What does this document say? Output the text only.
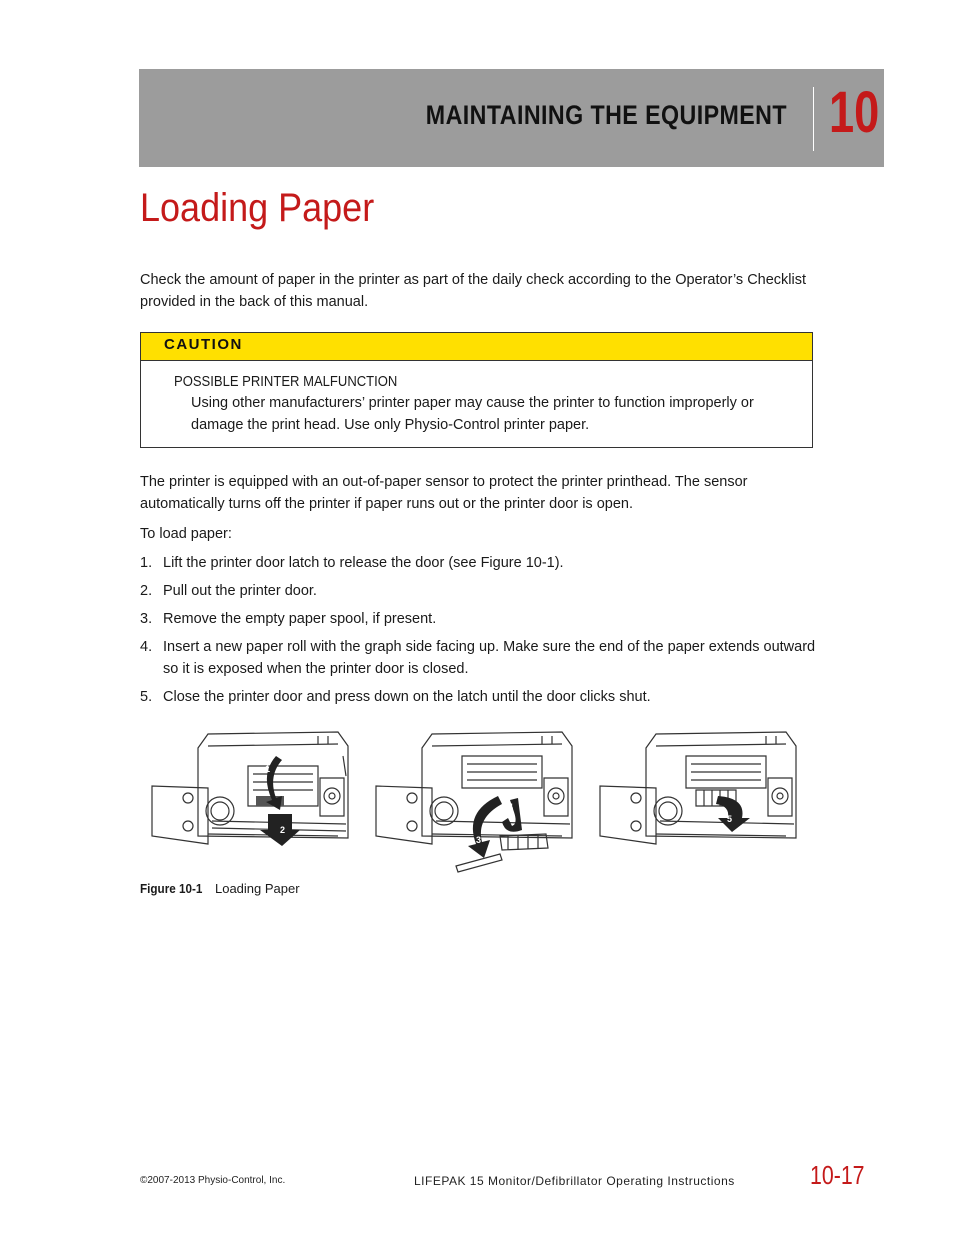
MAINTAINING THE EQUIPMENT 10
Loading Paper

Check the amount of paper in the printer as part of the daily check according to the Operator’s Checklist provided in the back of this manual.

CAUTION
POSSIBLE PRINTER MALFUNCTION

Using other manufacturers’ printer paper may cause the printer to function improperly or damage the print head. Use only Physio-Control printer paper.

The printer is equipped with an out-of-paper sensor to protect the printer printhead. The sensor automatically turns off the printer if paper runs out or the printer door is open.

To load paper:

1. Lift the printer door latch to release the door (see Figure 10-1).
2. Pull out the printer door.
3. Remove the empty paper spool, if present.
4. Insert a new paper roll with the graph side facing up. Make sure the end of the paper extends outward so it is exposed when the printer door is closed.
5. Close the printer door and press down on the latch until the door clicks shut.
1
2
3
4
5
Figure 10-1 Loading Paper
©2007-2013 Physio-Control, Inc.	LIFEPAK 15 Monitor/Defibrillator Operating Instructions	10-17
